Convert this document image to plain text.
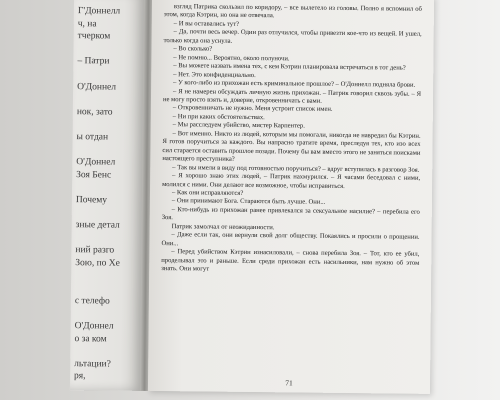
Г'Доннелл
ч, на
тчерком
– Патри
О'Доннел
нок, зато
ы отдан
О'Доннел
Зоя Бенс
Почему
зные детал
ний разго
Зою, по Хе
с телефо
О'Доннел
о за ком
льтации?
ря,

взгляд Патрика скользил по коридору, – все вылетело из головы. Полно я вспомнил об этом, когда Кэтрин, но она не отвечала.

– И вы оставались тут?

– Да, почти весь вечер. Один раз отлучился, чтобы привезти кое-что из вещей. И ушел, только когда она уснула.

– Во сколько?

– Не помню... Вероятно, около полуночи.

– Вы можете назвать имена тех, с кем Кэтрин планировала встречаться в тот день?

– Нет. Это конфиденциально.

– У кого-либо из прихожан есть криминальное прошлое? – О'Доннелл подняла брови.

– Я не намерен обсуждать личную жизнь прихожан. – Патрик говорил сквозь зубы. – Я не могу просто взять и, доверие, откровенничать с вами.

– Откровенничать не нужно. Меня устроит список имен.

– Ни при каких обстоятельствах.

– Мы расследуем убийство, мистер Карпентер.

– Вот именно. Никто из людей, которым мы помогали, никогда не навредил бы Кэтрин. Я готов поручиться за каждого. Вы напрасно тратите время, преследуя тех, кто изо всех сил старается оставить прошлое позади. Почему бы вам вместо этого не заняться поисками настоящего преступника?

– Так вы имели в виду под готовностью поручиться? – вдруг вступилась в разговор Зоя.

– Я хорошо знаю этих людей, – Патрик нахмурился. – Я часами беседовал с ними, молился с ними. Они делают все возможное, чтобы исправиться.

– Как они исправляются?

– Они принимают Бога. Стараются быть лучше. Они...

– Кто-нибудь из прихожан ранее привлекался за сексуальное насилие? – перебила его Зоя.

Патрик замолчал от неожиданности.

– Даже если так, они вернули свой долг обществу. Покаялись и просили о прощении. Они...

– Перед убийством Кэтрин изнасиловали, – снова перебила Зоя. – Тот, кто ее убил, проделывал это и раньше. Если среди прихожан есть насильники, нам нужно об этом знать. Они могут

71
